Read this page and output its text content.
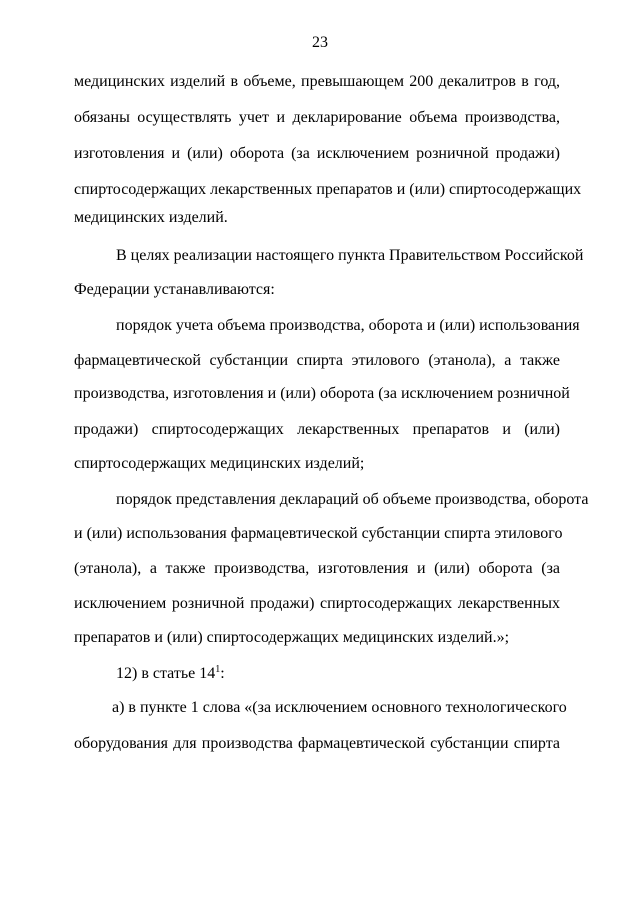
23
медицинских изделий в объеме, превышающем 200 декалитров в год,
обязаны осуществлять учет и декларирование объема производства,
изготовления и (или) оборота (за исключением розничной продажи)
спиртосодержащих лекарственных препаратов и (или) спиртосодержащих
медицинских изделий.
В целях реализации настоящего пункта Правительством Российской
Федерации устанавливаются:
порядок учета объема производства, оборота и (или) использования
фармацевтической субстанции спирта этилового (этанола), а также
производства, изготовления и (или) оборота (за исключением розничной
продажи) спиртосодержащих лекарственных препаратов и (или)
спиртосодержащих медицинских изделий;
порядок представления деклараций об объеме производства, оборота
и (или) использования фармацевтической субстанции спирта этилового
(этанола), а также производства, изготовления и (или) оборота (за
исключением розничной продажи) спиртосодержащих лекарственных
препаратов и (или) спиртосодержащих медицинских изделий.»;
12) в статье $14^1$:
а) в пункте 1 слова «(за исключением основного технологического
оборудования для производства фармацевтической субстанции спирта
